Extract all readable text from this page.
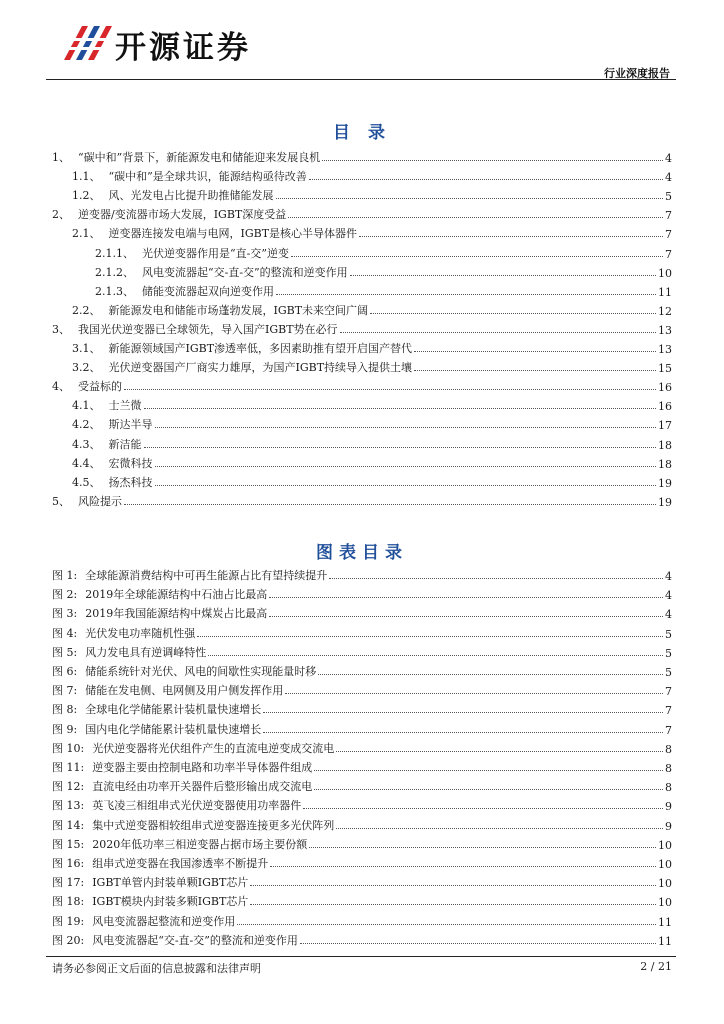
开源证券
行业深度报告
目 录
1、 “碳中和”背景下，新能源发电和储能迎来发展良机	4
1.1、 “碳中和”是全球共识，能源结构亟待改善	4
1.2、 风、光发电占比提升助推储能发展	5
2、 逆变器/变流器市场大发展，IGBT深度受益	7
2.1、 逆变器连接发电端与电网，IGBT是核心半导体器件	7
2.1.1、 光伏逆变器作用是“直-交”逆变	7
2.1.2、 风电变流器起“交-直-交”的整流和逆变作用	10
2.1.3、 储能变流器起双向逆变作用	11
2.2、 新能源发电和储能市场蓬勃发展，IGBT未来空间广阔	12
3、 我国光伏逆变器已全球领先，导入国产IGBT势在必行	13
3.1、 新能源领域国产IGBT渗透率低，多因素助推有望开启国产替代	13
3.2、 光伏逆变器国产厂商实力雄厚，为国产IGBT持续导入提供土壤	15
4、 受益标的	16
4.1、 士兰微	16
4.2、 斯达半导	17
4.3、 新洁能	18
4.4、 宏微科技	18
4.5、 扬杰科技	19
5、 风险提示	19
图表目录
图 1: 全球能源消费结构中可再生能源占比有望持续提升	4
图 2: 2019年全球能源结构中石油占比最高	4
图 3: 2019年我国能源结构中煤炭占比最高	4
图 4: 光伏发电功率随机性强	5
图 5: 风力发电具有逆调峰特性	5
图 6: 储能系统针对光伏、风电的间歇性实现能量时移	5
图 7: 储能在发电侧、电网侧及用户侧发挥作用	7
图 8: 全球电化学储能累计装机量快速增长	7
图 9: 国内电化学储能累计装机量快速增长	7
图 10: 光伏逆变器将光伏组件产生的直流电逆变成交流电	8
图 11: 逆变器主要由控制电路和功率半导体器件组成	8
图 12: 直流电经由功率开关器件后整形输出成交流电	8
图 13: 英飞凌三相组串式光伏逆变器使用功率器件	9
图 14: 集中式逆变器相较组串式逆变器连接更多光伏阵列	9
图 15: 2020年低功率三相逆变器占据市场主要份额	10
图 16: 组串式逆变器在我国渗透率不断提升	10
图 17: IGBT单管内封装单颗IGBT芯片	10
图 18: IGBT模块内封装多颗IGBT芯片	10
图 19: 风电变流器起整流和逆变作用	11
图 20: 风电变流器起“交-直-交”的整流和逆变作用	11
请务必参阅正文后面的信息披露和法律声明	2 / 21
